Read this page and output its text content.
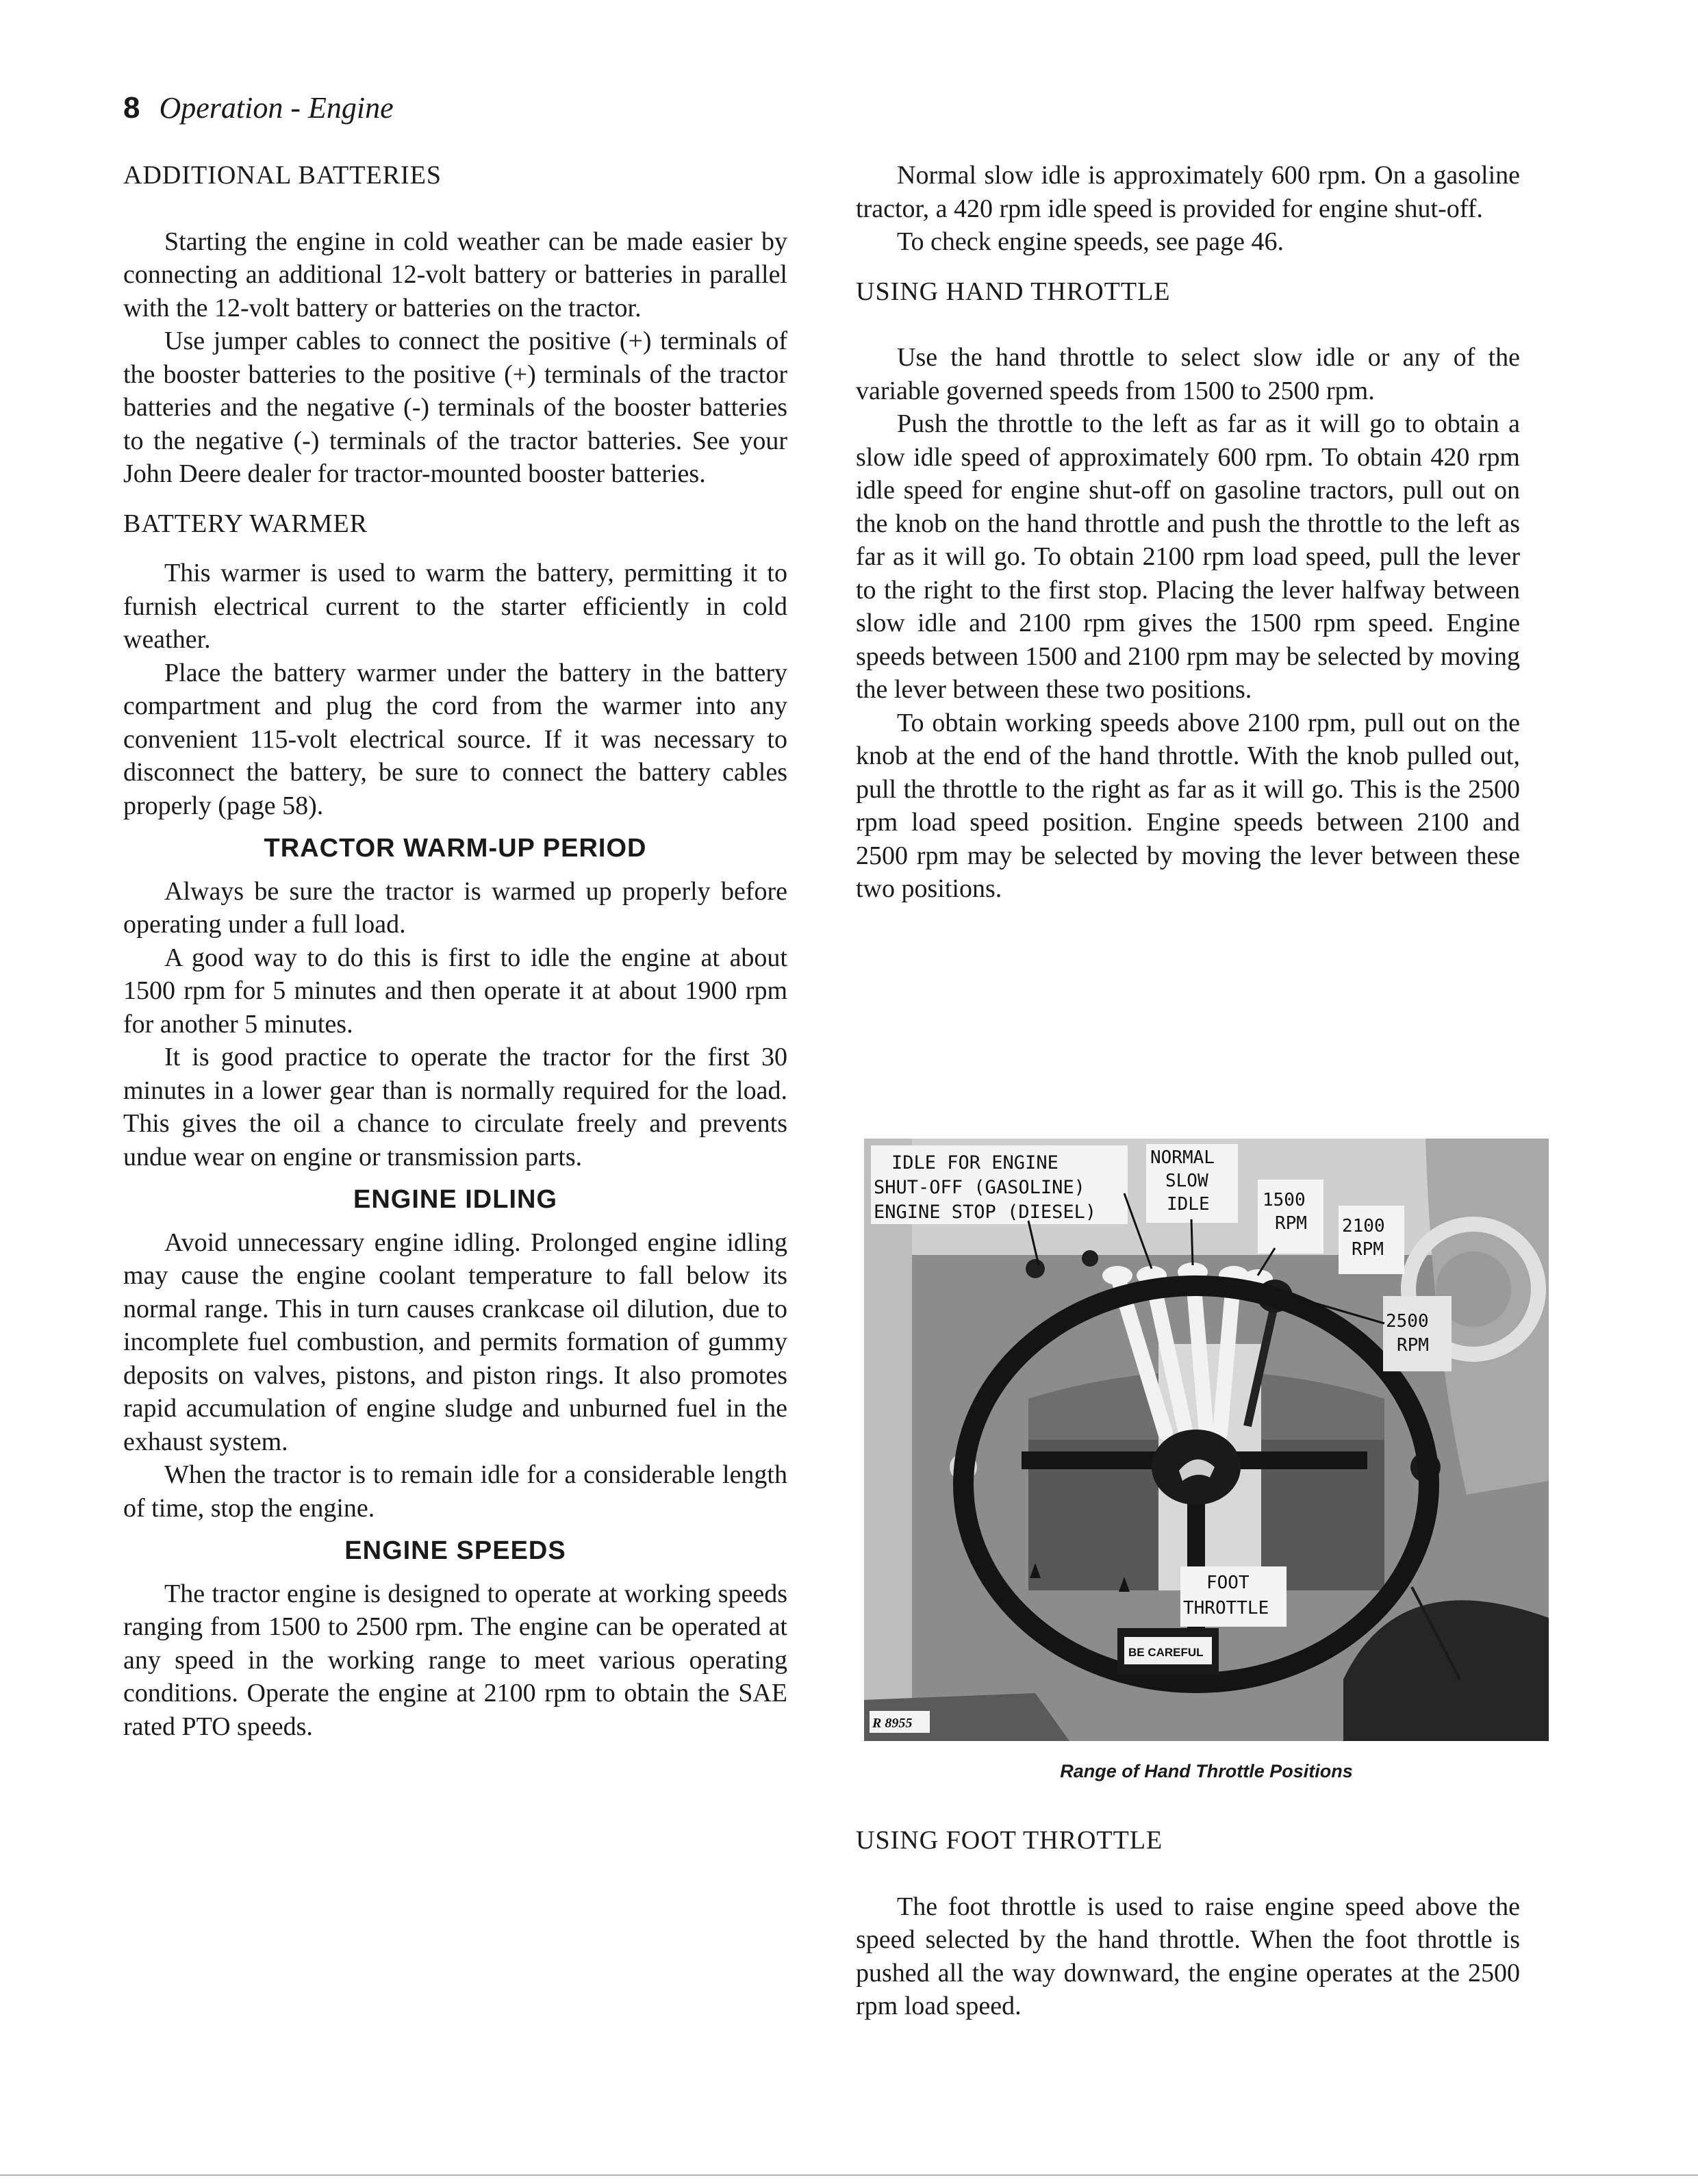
8 Operation - Engine
ADDITIONAL BATTERIES

Starting the engine in cold weather can be made easier by connecting an additional 12-volt battery or batteries in parallel with the 12-volt battery or batteries on the tractor.

Use jumper cables to connect the positive (+) terminals of the booster batteries to the positive (+) terminals of the tractor batteries and the negative (-) terminals of the booster batteries to the negative (-) terminals of the tractor batteries. See your John Deere dealer for tractor-mounted booster batteries.

BATTERY WARMER

This warmer is used to warm the battery, permitting it to furnish electrical current to the starter efficiently in cold weather.

Place the battery warmer under the battery in the battery compartment and plug the cord from the warmer into any convenient 115-volt electrical source. If it was necessary to disconnect the battery, be sure to connect the battery cables properly (page 58).

TRACTOR WARM-UP PERIOD

Always be sure the tractor is warmed up properly before operating under a full load.

A good way to do this is first to idle the engine at about 1500 rpm for 5 minutes and then operate it at about 1900 rpm for another 5 minutes.

It is good practice to operate the tractor for the first 30 minutes in a lower gear than is normally required for the load. This gives the oil a chance to circulate freely and prevents undue wear on engine or transmission parts.

ENGINE IDLING

Avoid unnecessary engine idling. Prolonged engine idling may cause the engine coolant temperature to fall below its normal range. This in turn causes crankcase oil dilution, due to incomplete fuel combustion, and permits formation of gummy deposits on valves, pistons, and piston rings. It also promotes rapid accumulation of engine sludge and unburned fuel in the exhaust system.

When the tractor is to remain idle for a considerable length of time, stop the engine.

ENGINE SPEEDS

The tractor engine is designed to operate at working speeds ranging from 1500 to 2500 rpm. The engine can be operated at any speed in the working range to meet various operating conditions. Operate the engine at 2100 rpm to obtain the SAE rated PTO speeds.

Normal slow idle is approximately 600 rpm. On a gasoline tractor, a 420 rpm idle speed is provided for engine shut-off.

To check engine speeds, see page 46.

USING HAND THROTTLE

Use the hand throttle to select slow idle or any of the variable governed speeds from 1500 to 2500 rpm.

Push the throttle to the left as far as it will go to obtain a slow idle speed of approximately 600 rpm. To obtain 420 rpm idle speed for engine shut-off on gasoline tractors, pull out on the knob on the hand throttle and push the throttle to the left as far as it will go. To obtain 2100 rpm load speed, pull the lever to the right to the first stop. Placing the lever halfway between slow idle and 2100 rpm gives the 1500 rpm speed. Engine speeds between 1500 and 2100 rpm may be selected by moving the lever between these two positions.

To obtain working speeds above 2100 rpm, pull out on the knob at the end of the hand throttle. With the knob pulled out, pull the throttle to the right as far as it will go. This is the 2500 rpm load speed position. Engine speeds between 2100 and 2500 rpm may be selected by moving the lever between these two positions.

IDLE FOR ENGINE
SHUT-OFF (GASOLINE)
ENGINE STOP (DIESEL)
NORMAL
SLOW
IDLE	1500
RPM 2100
RPM
2500
RPM
FOOT
THROTTLE
BE CAREFUL
R 8955
Range of Hand Throttle Positions
USING FOOT THROTTLE

The foot throttle is used to raise engine speed above the speed selected by the hand throttle. When the foot throttle is pushed all the way downward, the engine operates at the 2500 rpm load speed.
